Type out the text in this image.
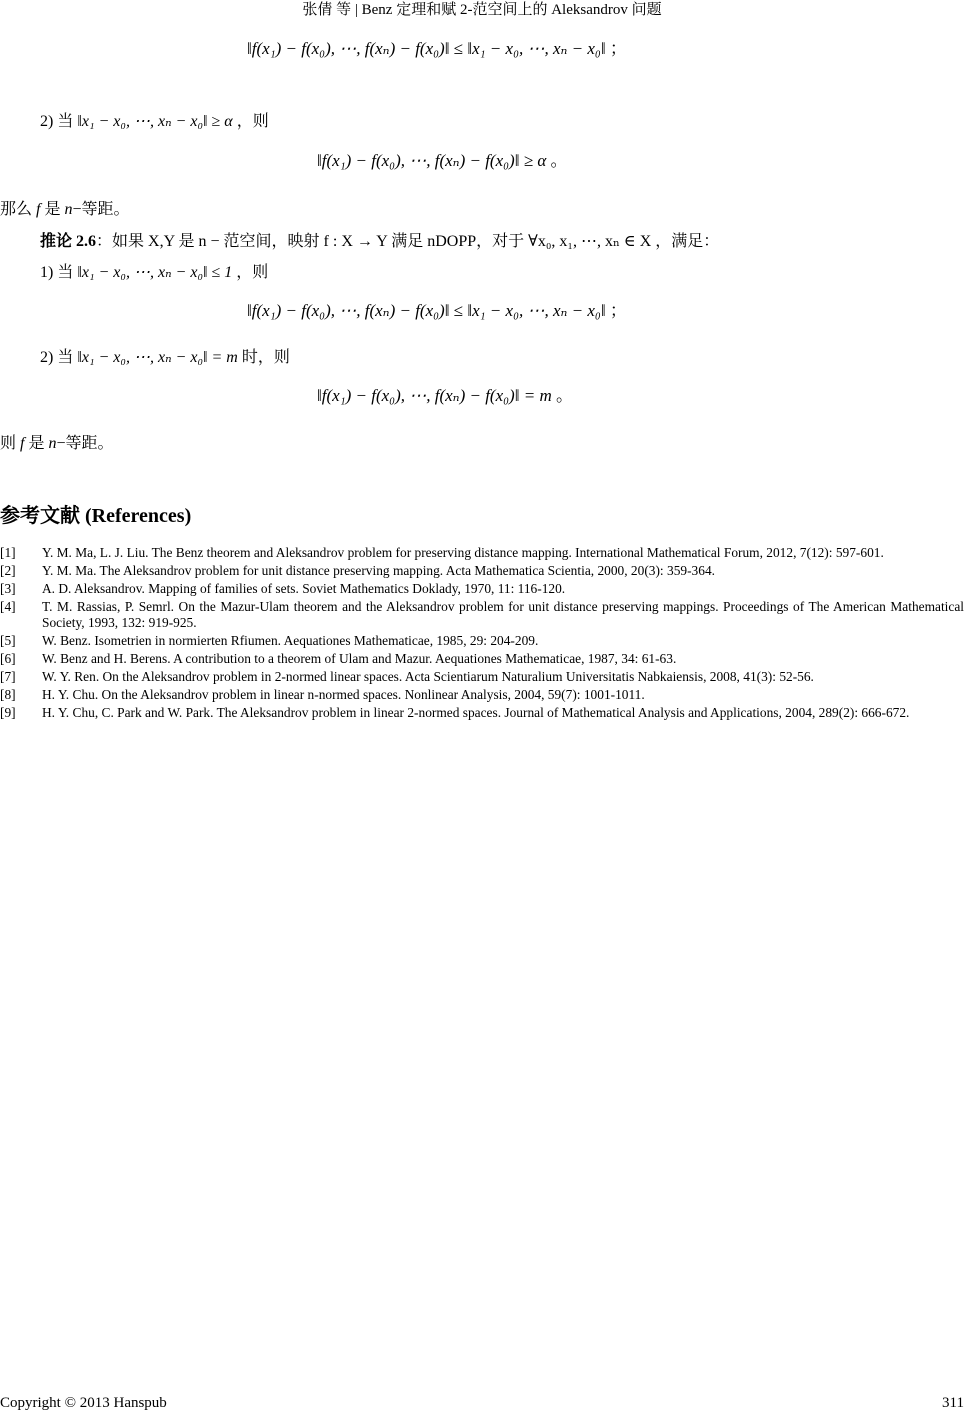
张倩 等 | Benz 定理和赋 2-范空间上的 Aleksandrov 问题
‖f(x₁) − f(x₀), ⋯, f(xₙ) − f(x₀)‖ ≤ ‖x₁ − x₀, ⋯, xₙ − x₀‖ ；
2) 当 ‖x₁ − x₀, ⋯, xₙ − x₀‖ ≥ α ，则
‖f(x₁) − f(x₀), ⋯, f(xₙ) − f(x₀)‖ ≥ α 。
那么 f 是 n−等距。
推论 2.6：如果 X,Y 是 n − 范空间，映射 f : X → Y 满足 nDOPP，对于 ∀x₀, x₁, ⋯, xₙ ∈ X ，满足：
1) 当 ‖x₁ − x₀, ⋯, xₙ − x₀‖ ≤ 1 ，则
‖f(x₁) − f(x₀), ⋯, f(xₙ) − f(x₀)‖ ≤ ‖x₁ − x₀, ⋯, xₙ − x₀‖ ；
2) 当 ‖x₁ − x₀, ⋯, xₙ − x₀‖ = m 时，则
‖f(x₁) − f(x₀), ⋯, f(xₙ) − f(x₀)‖ = m 。
则 f 是 n−等距。
参考文献 (References)
[1]	Y. M. Ma, L. J. Liu. The Benz theorem and Aleksandrov problem for preserving distance mapping. International Mathematical Forum, 2012, 7(12): 597-601.
[2]	Y. M. Ma. The Aleksandrov problem for unit distance preserving mapping. Acta Mathematica Scientia, 2000, 20(3): 359-364.
[3]	A. D. Aleksandrov. Mapping of families of sets. Soviet Mathematics Doklady, 1970, 11: 116-120.
[4]	T. M. Rassias, P. Semrl. On the Mazur-Ulam theorem and the Aleksandrov problem for unit distance preserving mappings. Proceedings of The American Mathematical Society, 1993, 132: 919-925.
[5]	W. Benz. Isometrien in normierten Rfiumen. Aequationes Mathematicae, 1985, 29: 204-209.
[6]	W. Benz and H. Berens. A contribution to a theorem of Ulam and Mazur. Aequationes Mathematicae, 1987, 34: 61-63.
[7]	W. Y. Ren. On the Aleksandrov problem in 2-normed linear spaces. Acta Scientiarum Naturalium Universitatis Nabkaiensis, 2008, 41(3): 52-56.
[8]	H. Y. Chu. On the Aleksandrov problem in linear n-normed spaces. Nonlinear Analysis, 2004, 59(7): 1001-1011.
[9]	H. Y. Chu, C. Park and W. Park. The Aleksandrov problem in linear 2-normed spaces. Journal of Mathematical Analysis and Applications, 2004, 289(2): 666-672.
Copyright © 2013 Hanspub	311
